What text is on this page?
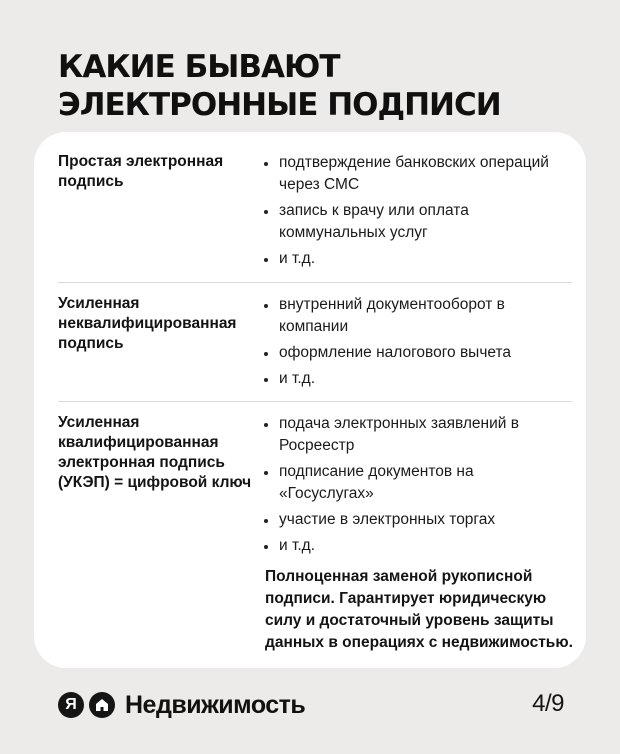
КАКИЕ БЫВАЮТ
ЭЛЕКТРОННЫЕ ПОДПИСИ

Простая электронная подпись

подтверждение банковских операций через СМС
запись к врачу или оплата коммунальных услуг
и т.д.

Усиленная неквалифицированная подпись

внутренний документооборот в компании
оформление налогового вычета
и т.д.

Усиленная квалифицированная электронная подпись (УКЭП) = цифровой ключ

подача электронных заявлений в Росреестр
подписание документов на «Госуслугах»
участие в электронных торгах
и т.д.

Полноценная заменой рукописной подписи. Гарантирует юридическую силу и достаточный уровень защиты данных в операциях с недвижимостью.

Я Недвижимость	4/9
